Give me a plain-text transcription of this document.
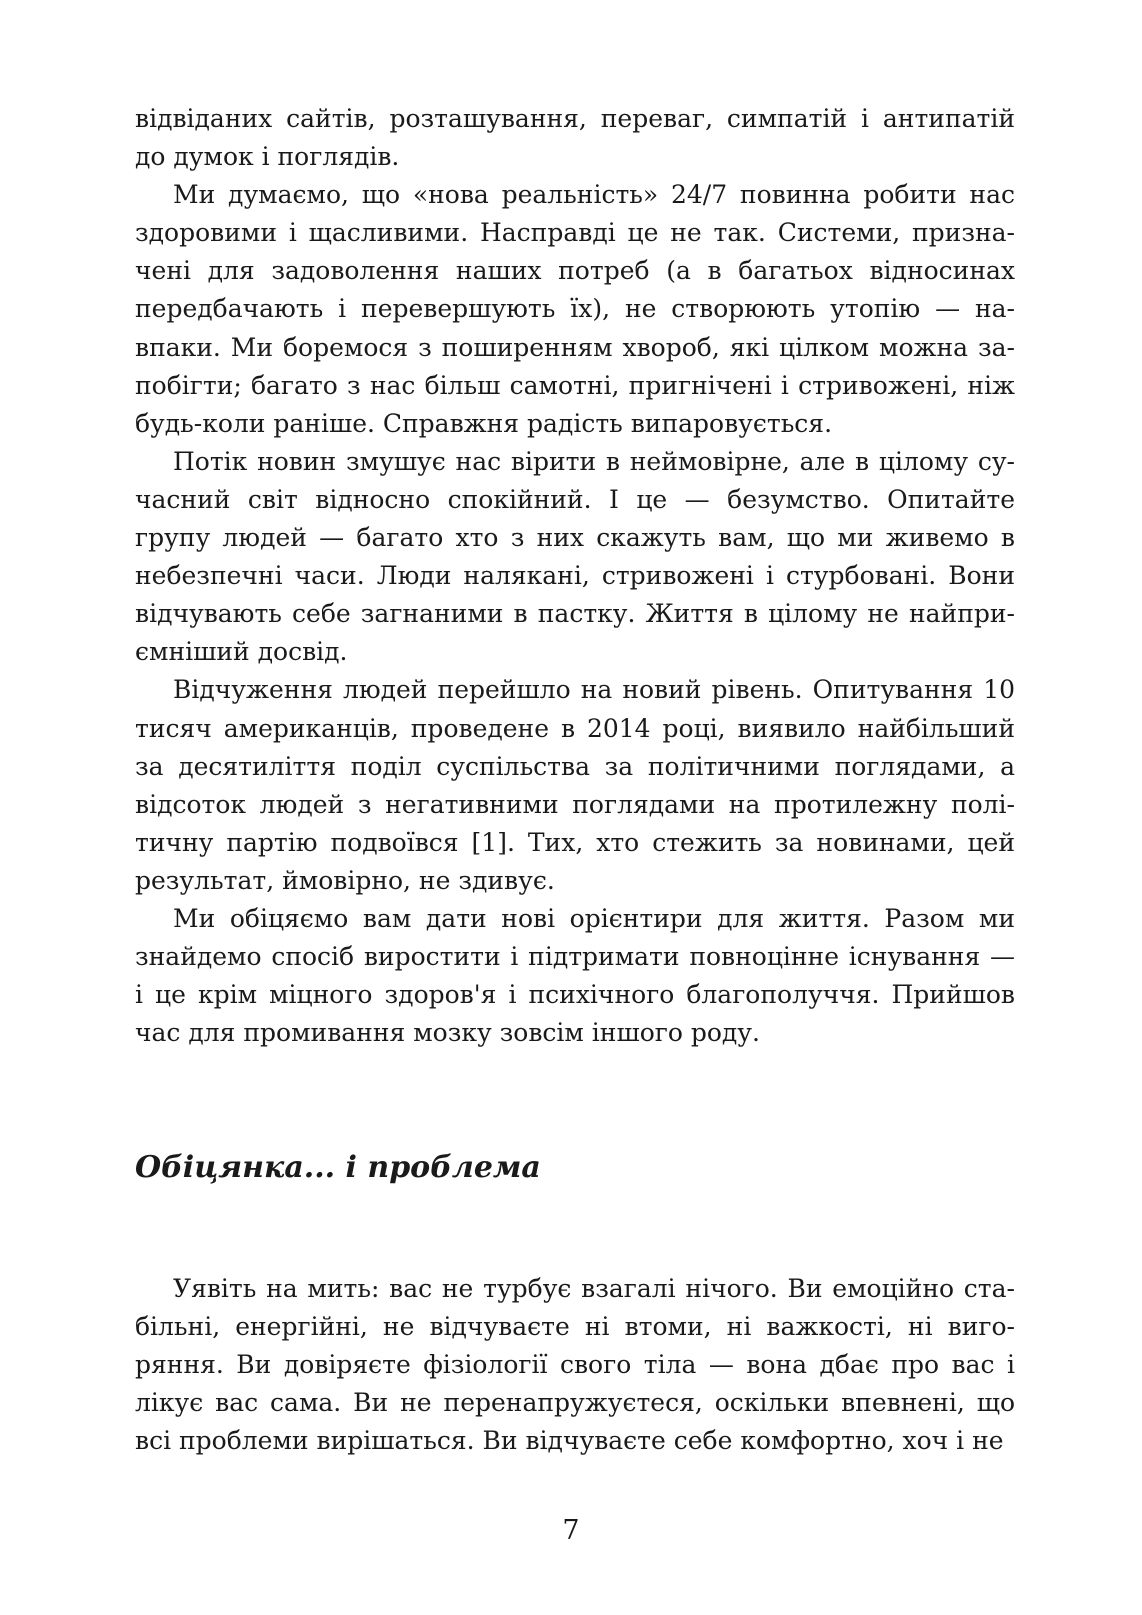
відвіданих сайтів, розташування, переваг, симпатій і антипатій до думок і поглядів.

Ми думаємо, що «нова реальність» 24/7 повинна робити нас здоровими і щасливими. Насправді це не так. Системи, призначені для задоволення наших потреб (а в багатьох відносинах передбачають і перевершують їх), не створюють утопію — навпаки. Ми боремося з поширенням хвороб, які цілком можна запобігти; багато з нас більш самотні, пригнічені і стривожені, ніж будь-коли раніше. Справжня радість випаровується.

Потік новин змушує нас вірити в неймовірне, але в цілому сучасний світ відносно спокійний. І це — безумство. Опитайте групу людей — багато хто з них скажуть вам, що ми живемо в небезпечні часи. Люди налякані, стривожені і стурбовані. Вони відчувають себе загнаними в пастку. Життя в цілому не найприємніший досвід.

Відчуження людей перейшло на новий рівень. Опитування 10 тисяч американців, проведене в 2014 році, виявило найбільший за десятиліття поділ суспільства за політичними поглядами, а відсоток людей з негативними поглядами на протилежну політичну партію подвоївся [1]. Тих, хто стежить за новинами, цей результат, ймовірно, не здивує.

Ми обіцяємо вам дати нові орієнтири для життя. Разом ми знайдемо спосіб виростити і підтримати повноцінне існування — і це крім міцного здоров'я і психічного благополуччя. Прийшов час для промивання мозку зовсім іншого роду.

Обіцянка... і проблема

Уявіть на мить: вас не турбує взагалі нічого. Ви емоційно стабільні, енергійні, не відчуваєте ні втоми, ні важкості, ні вигоряння. Ви довіряєте фізіології свого тіла — вона дбає про вас і лікує вас сама. Ви не перенапружуєтеся, оскільки впевнені, що всі проблеми вирішаться. Ви відчуваєте себе комфортно, хоч і не

7
